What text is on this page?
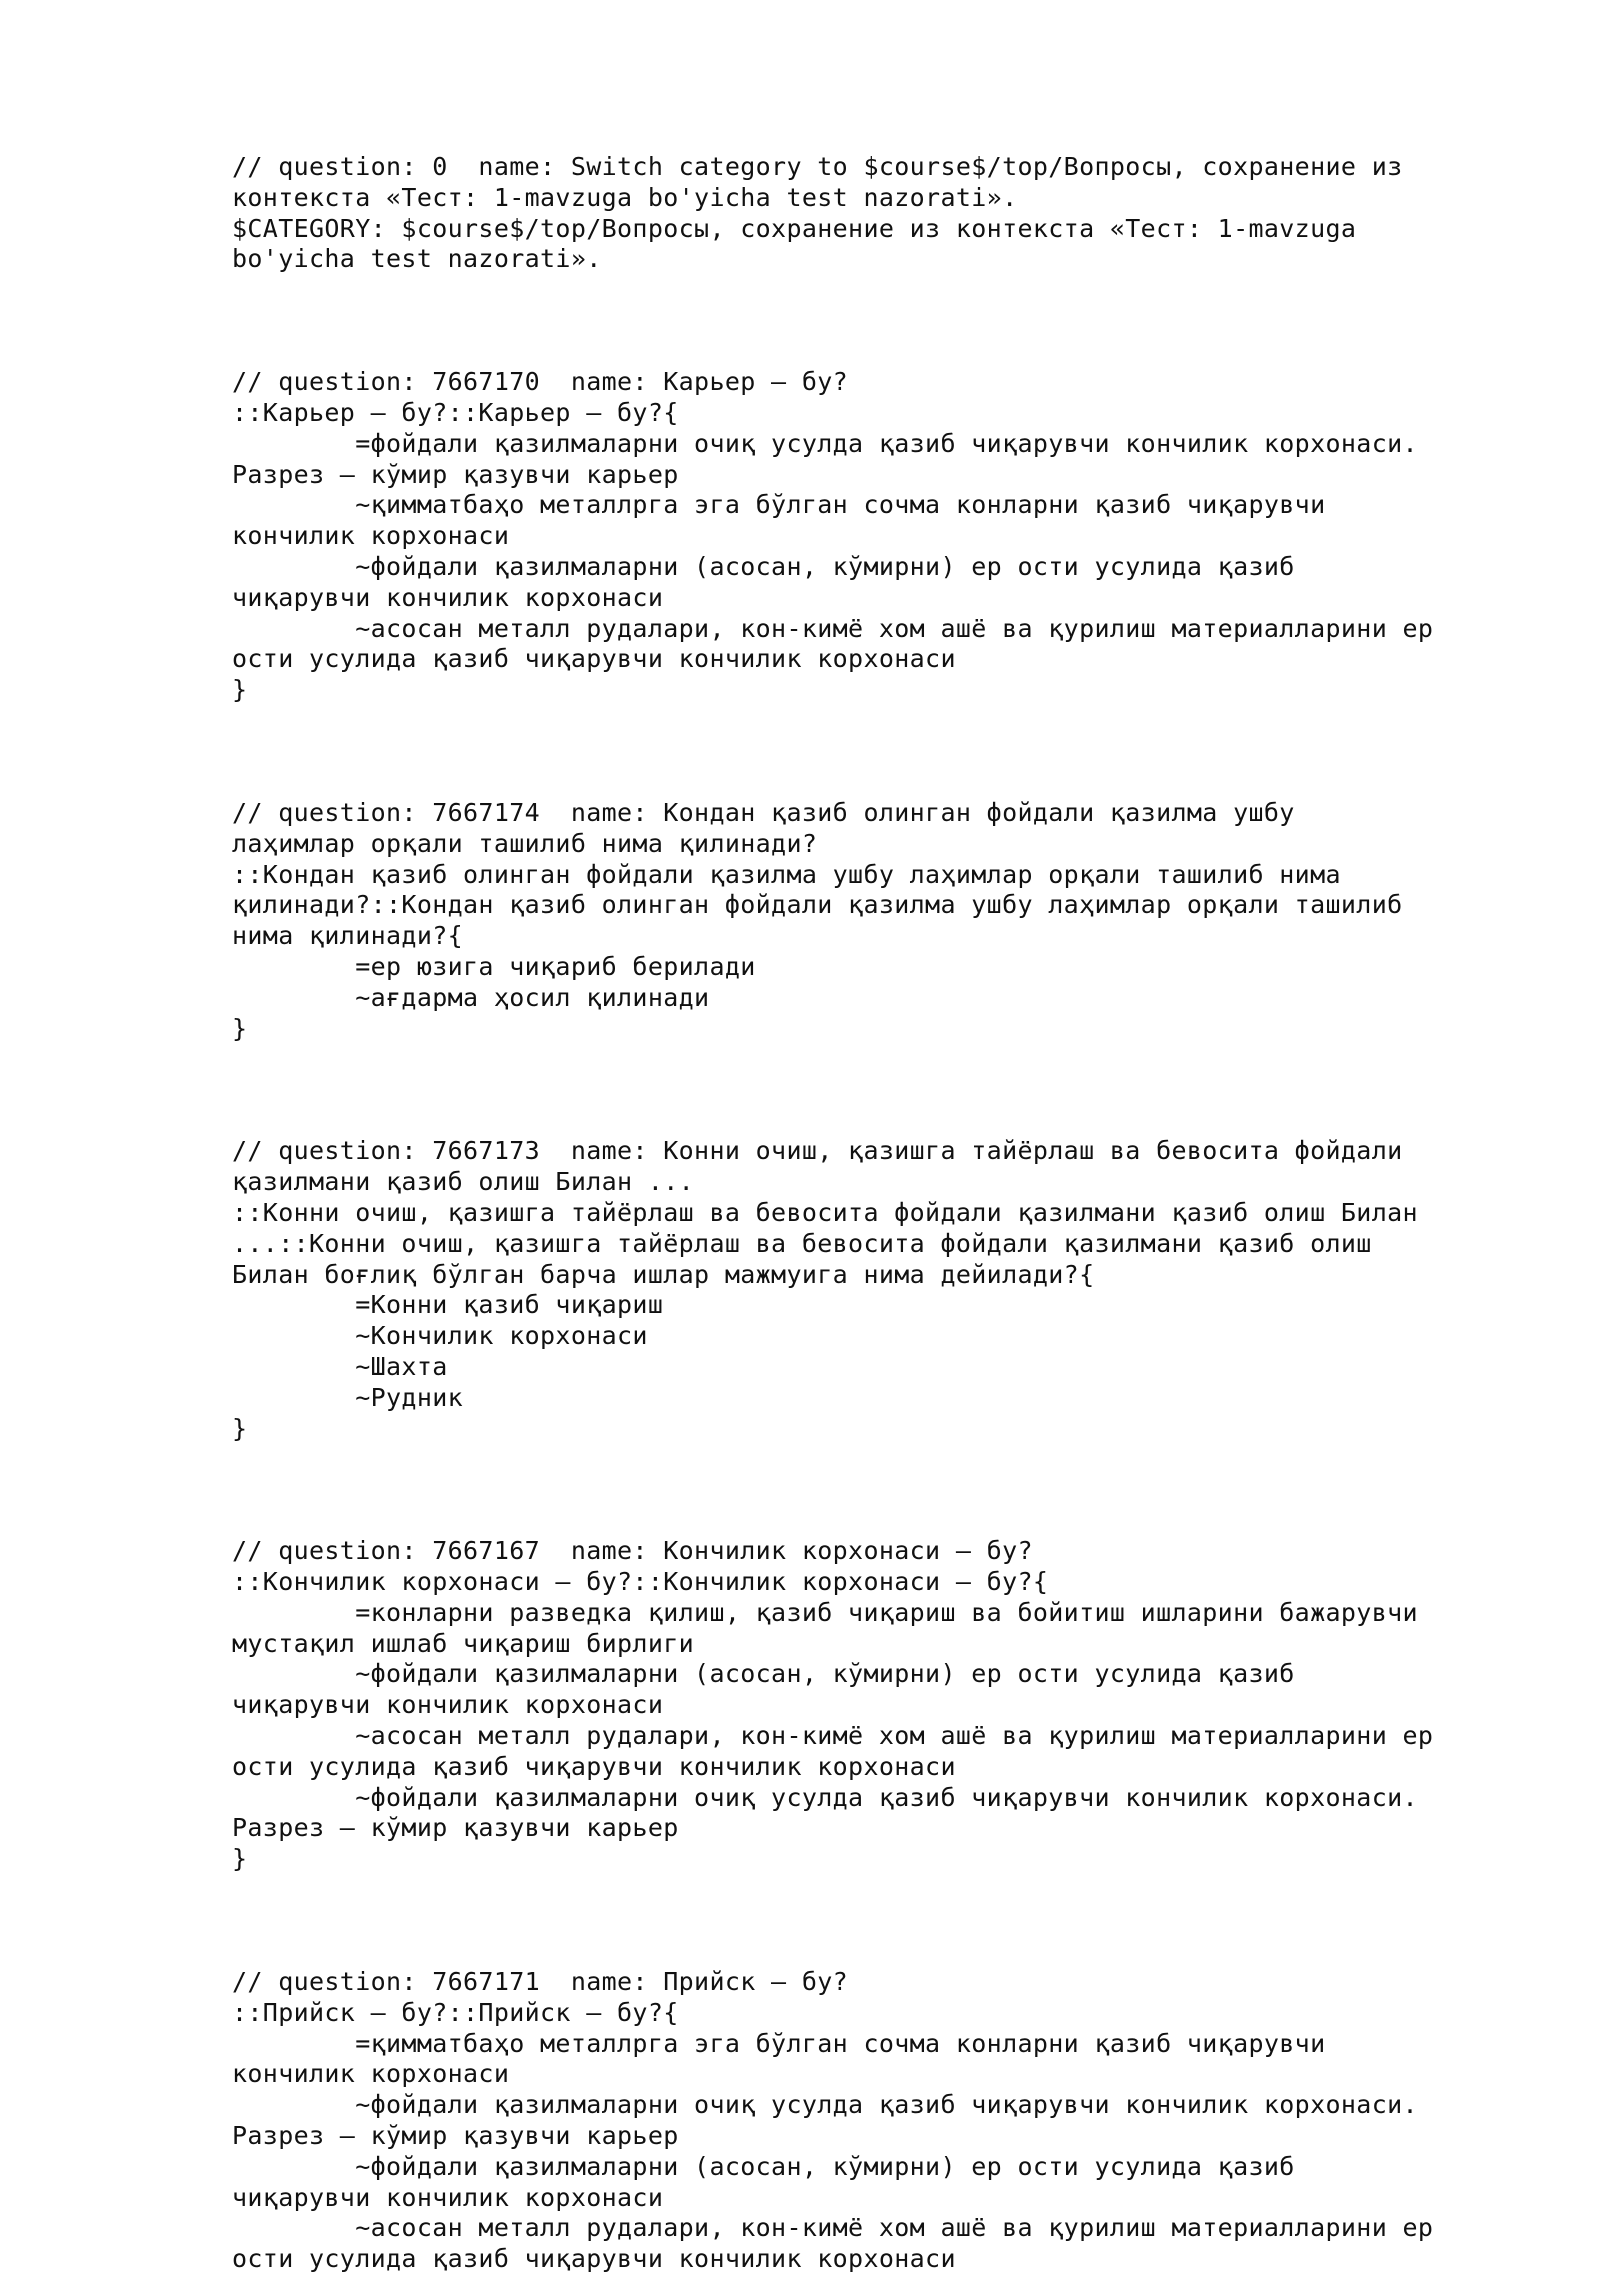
// question: 0  name: Switch category to $course$/top/Вопросы, сохранение из
контекста «Тест: 1-mavzuga bo'yicha test nazorati».
$CATEGORY: $course$/top/Вопросы, сохранение из контекста «Тест: 1-mavzuga
bo'yicha test nazorati».
// question: 7667170  name: Карьер – бу?
::Карьер – бу?::Карьер – бу?{
=фойдали қазилмаларни очиқ усулда қазиб чиқарувчи кончилик корхонаси.
Разрез – кўмир қазувчи карьер
~қимматбаҳо металлрга эга бўлган сочма конларни қазиб чиқарувчи
кончилик корхонаси
~фойдали қазилмаларни (асосан, кўмирни) ер ости усулида қазиб
чиқарувчи кончилик корхонаси
~асосан металл рудалари, кон-кимё хом ашё ва қурилиш материалларини ер
ости усулида қазиб чиқарувчи кончилик корхонаси
}
// question: 7667174  name: Кондан қазиб олинган фойдали қазилма ушбу
лаҳимлар орқали ташилиб нима қилинади?
::Кондан қазиб олинган фойдали қазилма ушбу лаҳимлар орқали ташилиб нима
қилинади?::Кондан қазиб олинган фойдали қазилма ушбу лаҳимлар орқали ташилиб
нима қилинади?{
=ер юзига чиқариб берилади
~ағдарма ҳосил қилинади
}
// question: 7667173  name: Конни очиш, қазишга тайёрлаш ва бевосита фойдали
қазилмани қазиб олиш Билан ...
::Конни очиш, қазишга тайёрлаш ва бевосита фойдали қазилмани қазиб олиш Билан
...::Конни очиш, қазишга тайёрлаш ва бевосита фойдали қазилмани қазиб олиш
Билан боғлиқ бўлган барча ишлар мажмуига нима дейилади?{
=Конни қазиб чиқариш
~Кончилик корхонаси
~Шахта
~Рудник
}
// question: 7667167  name: Кончилик корхонаси – бу?
::Кончилик корхонаси – бу?::Кончилик корхонаси – бу?{
=конларни разведка қилиш, қазиб чиқариш ва бойитиш ишларини бажарувчи
мустақил ишлаб чиқариш бирлиги
~фойдали қазилмаларни (асосан, кўмирни) ер ости усулида қазиб
чиқарувчи кончилик корхонаси
~асосан металл рудалари, кон-кимё хом ашё ва қурилиш материалларини ер
ости усулида қазиб чиқарувчи кончилик корхонаси
~фойдали қазилмаларни очиқ усулда қазиб чиқарувчи кончилик корхонаси.
Разрез – кўмир қазувчи карьер
}
// question: 7667171  name: Прийск – бу?
::Прийск – бу?::Прийск – бу?{
=қимматбаҳо металлрга эга бўлган сочма конларни қазиб чиқарувчи
кончилик корхонаси
~фойдали қазилмаларни очиқ усулда қазиб чиқарувчи кончилик корхонаси.
Разрез – кўмир қазувчи карьер
~фойдали қазилмаларни (асосан, кўмирни) ер ости усулида қазиб
чиқарувчи кончилик корхонаси
~асосан металл рудалари, кон-кимё хом ашё ва қурилиш материалларини ер
ости усулида қазиб чиқарувчи кончилик корхонаси
